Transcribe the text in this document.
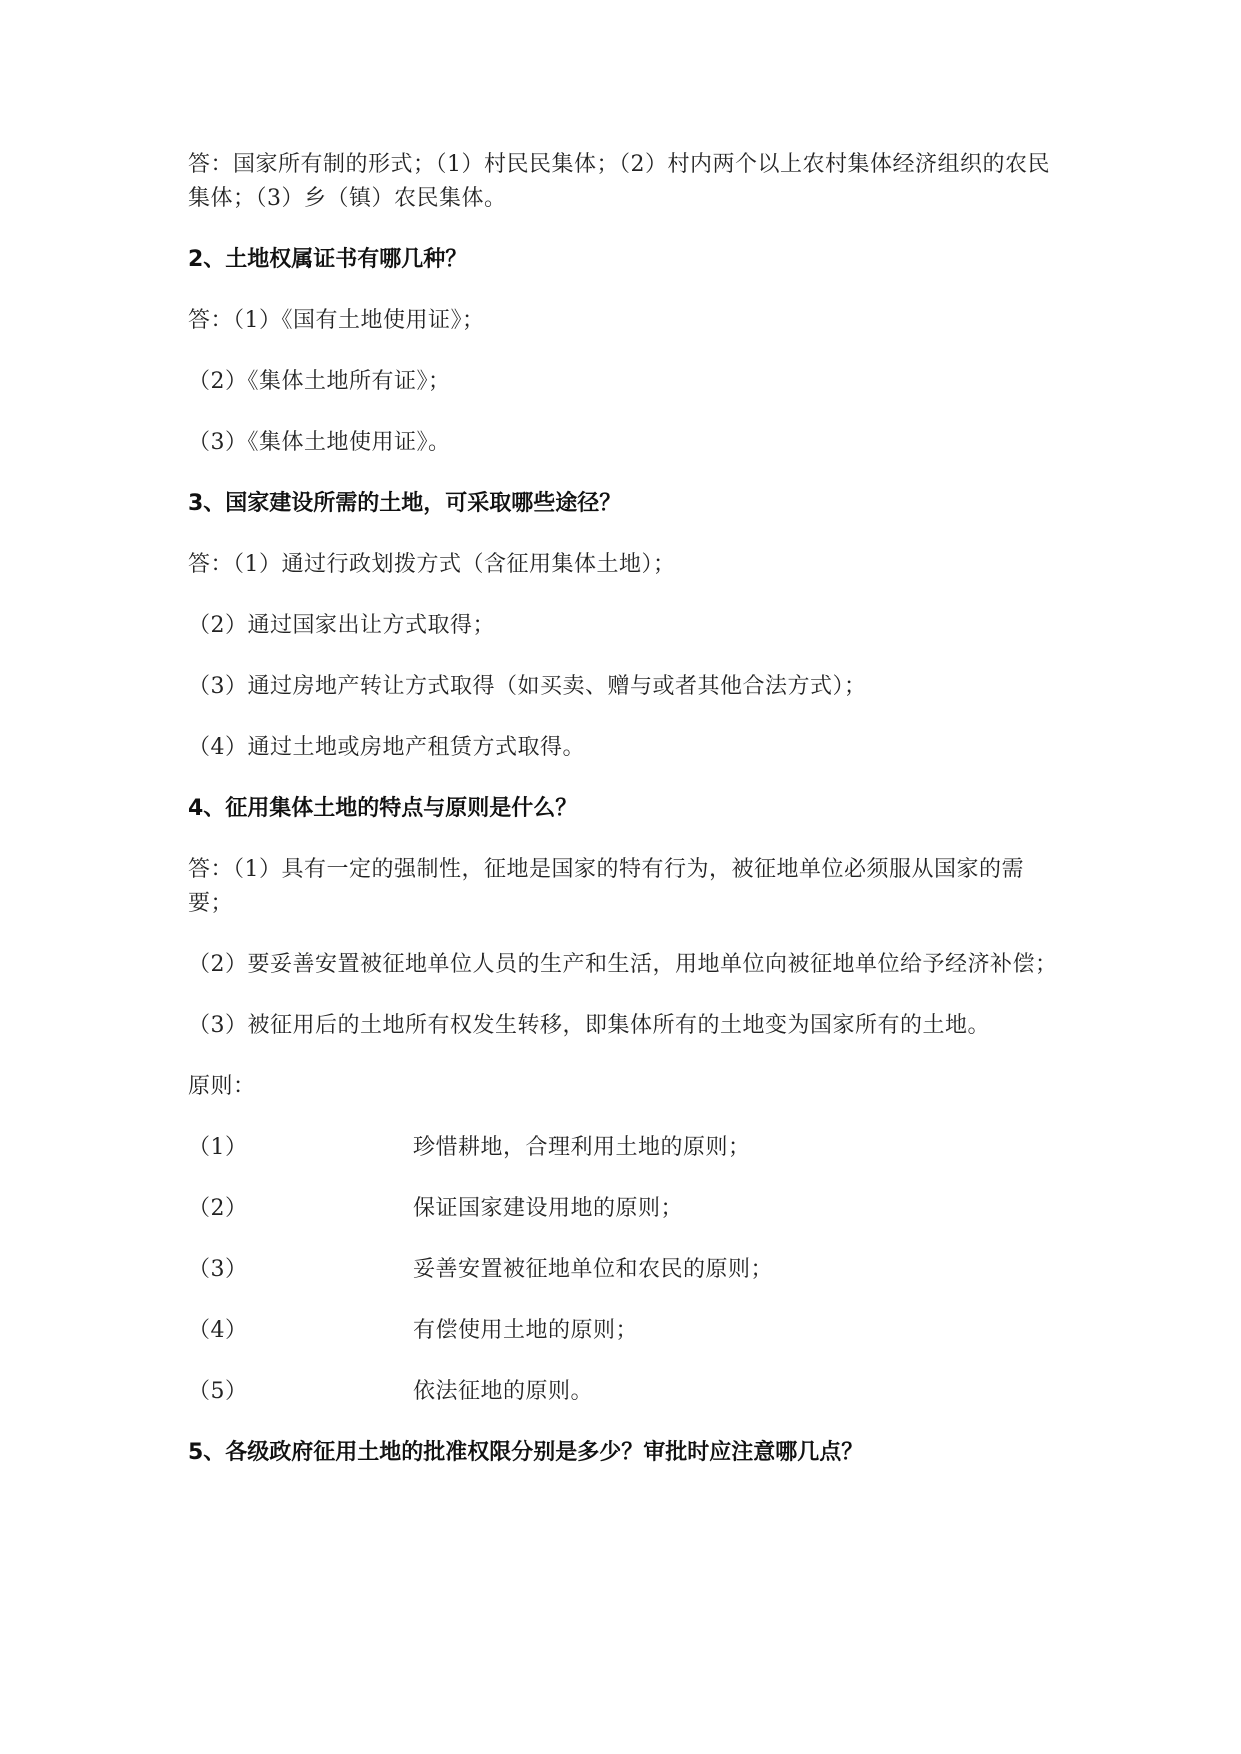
答：国家所有制的形式；（1）村民民集体；（2）村内两个以上农村集体经济组织的农民集体；（3）乡（镇）农民集体。

2、土地权属证书有哪几种？

答：（1）《国有土地使用证》；

（2）《集体土地所有证》；

（3）《集体土地使用证》。

3、国家建设所需的土地，可采取哪些途径？

答：（1）通过行政划拨方式（含征用集体土地）；

（2）通过国家出让方式取得；

（3）通过房地产转让方式取得（如买卖、赠与或者其他合法方式）；

（4）通过土地或房地产租赁方式取得。

4、征用集体土地的特点与原则是什么？

答：（1）具有一定的强制性，征地是国家的特有行为，被征地单位必须服从国家的需要；

（2）要妥善安置被征地单位人员的生产和生活，用地单位向被征地单位给予经济补偿；

（3）被征用后的土地所有权发生转移，即集体所有的土地变为国家所有的土地。

原则：

（1）	珍惜耕地，合理利用土地的原则；
（2）	保证国家建设用地的原则；
（3）	妥善安置被征地单位和农民的原则；
（4）	有偿使用土地的原则；
（5）	依法征地的原则。

5、各级政府征用土地的批准权限分别是多少？审批时应注意哪几点？
